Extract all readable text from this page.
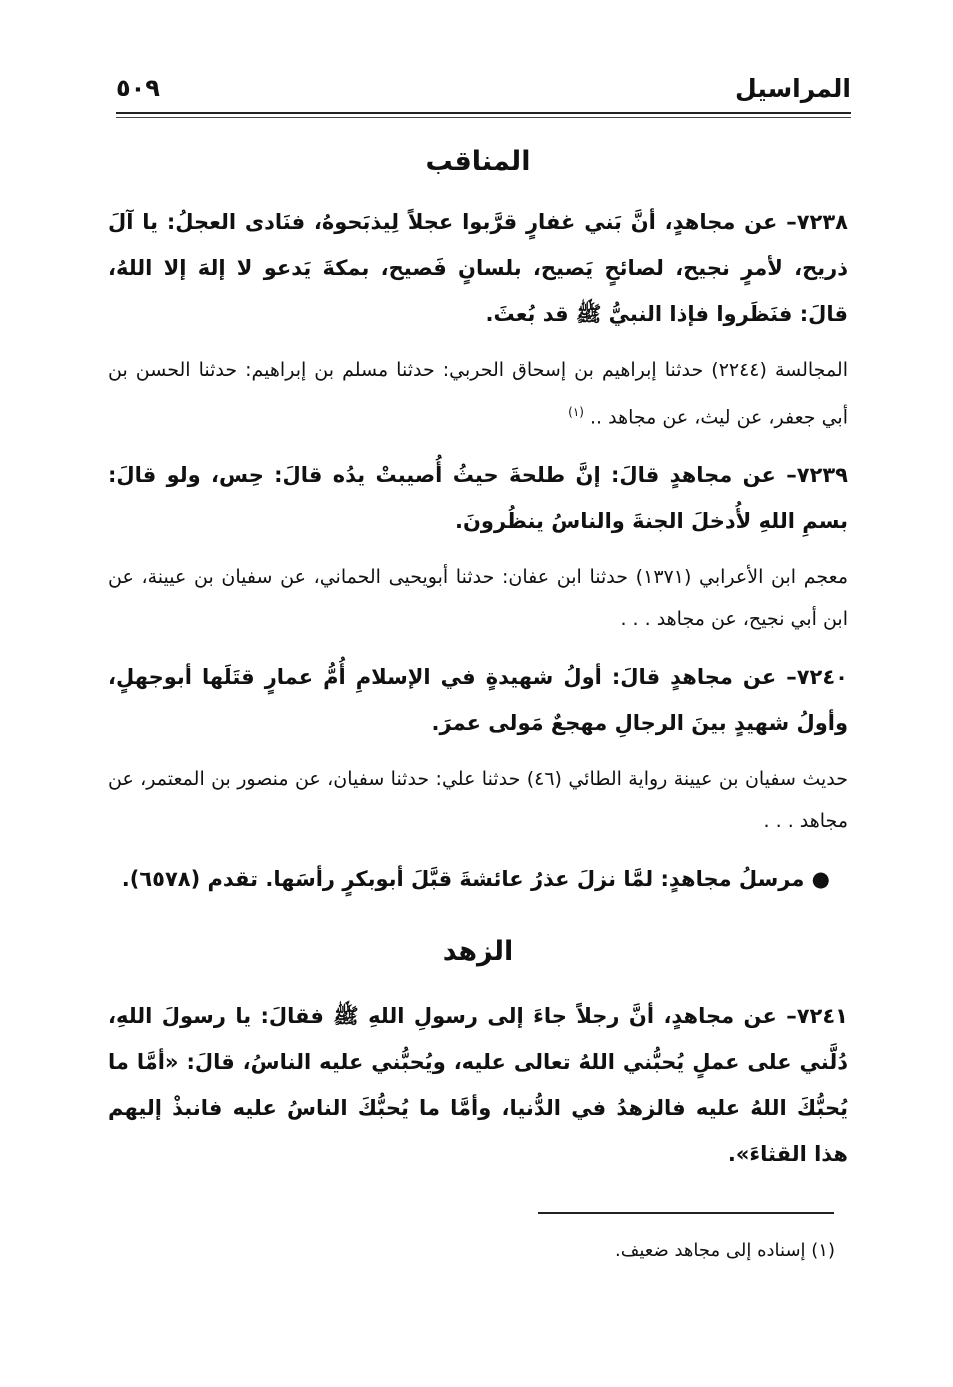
المراسيل
٥٠٩
المناقب

٧٢٣٨– عن مجاهدٍ، أنَّ بَني غفارٍ قرَّبوا عجلاً لِيذبَحوهُ، فنَادى العجلُ: يا آلَ ذريح، لأمرٍ نجيح، لصائحٍ يَصيح، بلسانٍ فَصيح، بمكةَ يَدعو لا إلهَ إلا اللهُ، قالَ: فنَظَروا فإذا النبيُّ ﷺ قد بُعثَ.

المجالسة (٢٢٤٤) حدثنا إبراهيم بن إسحاق الحربي: حدثنا مسلم بن إبراهيم: حدثنا الحسن بن أبي جعفر، عن ليث، عن مجاهد .. $^{(١)}$

٧٢٣٩– عن مجاهدٍ قالَ: إنَّ طلحةَ حيثُ أُصيبتْ يدُه قالَ: حِس، ولو قالَ: بسمِ اللهِ لأُدخلَ الجنةَ والناسُ ينظُرونَ.

معجم ابن الأعرابي (١٣٧١) حدثنا ابن عفان: حدثنا أبويحيى الحماني، عن سفيان بن عيينة، عن ابن أبي نجيح، عن مجاهد . . .

٧٢٤٠– عن مجاهدٍ قالَ: أولُ شهيدةٍ في الإسلامِ أُمُّ عمارٍ قتَلَها أبوجهلٍ، وأولُ شهيدٍ بينَ الرجالِ مهجعٌ مَولى عمرَ.

حديث سفيان بن عيينة رواية الطائي (٤٦) حدثنا علي: حدثنا سفيان، عن منصور بن المعتمر، عن مجاهد . . .

● مرسلُ مجاهدٍ: لمَّا نزلَ عذرُ عائشةَ قبَّلَ أبوبكرٍ رأسَها. تقدم (٦٥٧٨).

الزهد

٧٢٤١– عن مجاهدٍ، أنَّ رجلاً جاءَ إلى رسولِ اللهِ ﷺ فقالَ: يا رسولَ اللهِ، دُلَّني على عملٍ يُحبُّني اللهُ تعالى عليه، ويُحبُّني عليه الناسُ، قالَ: «أمَّا ما يُحبُّكَ اللهُ عليه فالزهدُ في الدُّنيا، وأمَّا ما يُحبُّكَ الناسُ عليه فانبذْ إليهم هذا القثاءَ».

(١) إسناده إلى مجاهد ضعيف.
